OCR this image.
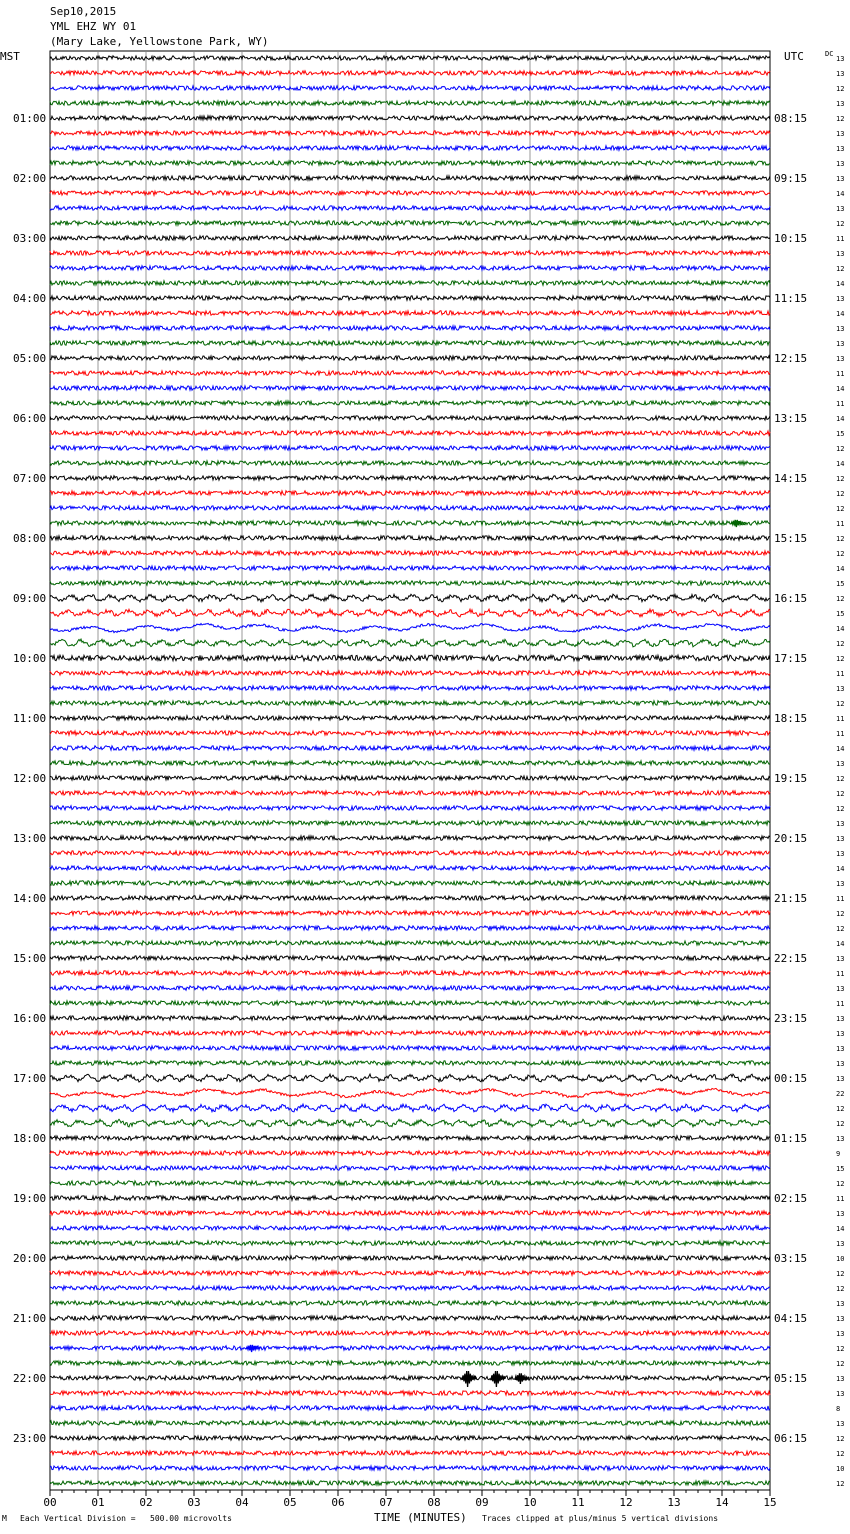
Sep10,2015
YML EHZ WY 01
(Mary Lake, Yellowstone Park, WY)
MST
01:00
02:00
03:00
04:00
05:00
06:00
07:00
08:00
09:00
10:00
11:00
12:00
13:00
14:00
15:00
16:00
17:00
18:00
19:00
20:00
21:00
22:00
23:00
UTC
08:15
09:15
10:15
11:15
12:15
13:15
14:15
15:15
16:15
17:15
18:15
19:15
20:15
21:15
22:15
23:15
00:15
01:15
02:15
03:15
04:15
05:15
06:15
DC
13
13
12
13
12
13
13
13
13
14
13
12
11
13
12
14
13
14
13
13
13
11
14
11
14
15
12
14
12
12
12
11
12
12
14
15
12
15
14
12
12
11
13
12
11
11
14
13
12
12
12
13
13
13
14
13
11
12
12
14
13
11
13
11
13
13
13
13
13
22
12
12
13
9
15
12
11
13
14
13
10
12
12
13
13
13
12
12
13
13
8
13
12
12
10
12
00	01	02	03	04	05	06	07	08	09	10	11	12	13	14	15
M Each Vertical Division =   500.00 microvolts	TIME (MINUTES) Traces clipped at plus/minus 5 vertical divisions
